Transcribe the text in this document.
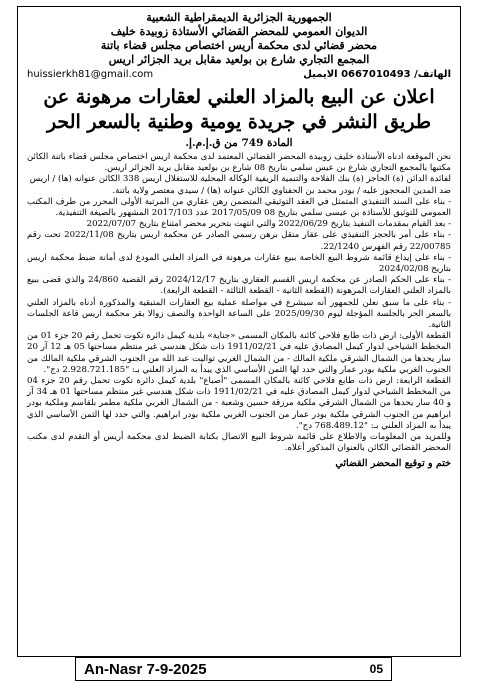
الجمهورية الجزائرية الديمقراطية الشعبية
الديوان العمومي للمحضر القضائي الأستاذة زوبيدة خليف
محضر قضائي لدى محكمة أريس اختصاص مجلس قضاء باتنة
المجمع التجاري شارع بن بولعيد مقابل بريد الجزائر اريس
huissierkh81@gmail.com	الهاتف/ 0667010493 الايميل
اعلان عن البيع بالمزاد العلني لعقارات مرهونة عن طريق النشر في جريدة يومية وطنية بالسعر الحر
المادة 749 من ق.إ.م.إ.

نحن الموقعة ادناه الأستاذة خليف زوبيدة المحضر القضائي المعتمد لدى محكمة اريس اختصاص مجلس قضاء باتنة الكائن مكتبها بالمجمع التجاري شارع بن عيس سلمي بتاريخ 08 شارع بن بولعيد مقابل بريد الجزائر اريس.

لفائدة الدائن (ة) الحاجز (ة) بنك الفلاحة والتنمية الريفية الوكالة المحلية للاستغلال اريس 338 الكائن عنوانه (ها) / اريس

ضد المدين المحجوز عليه / بودر محمد بن الحفناوي الكائن عنوانه (ها) / سيدي معتصر ولاية باتنة.

- بناء على السند التنفيذي المتمثل في العقد التوثيقي المتضمن رهن عقاري من المرتبة الأولى المحرر من طرف المكتب العمومي للتوثيق للأستاذة بن عيسى سلمي بتاريخ 08 2017/05/09 عدد 2017/103 المشهور بالصيغة التنفيذية.

- بعد القيام بمقدمات التنفيذ بتاريخ 2022/06/29 والتي انتهت بتحرير محضر امتناع بتاريخ 2022/07/07

- بناء على أمر بالحجز التنفيذي على عقار متقل برهن رسمي الصادر عن محكمة اريس بتاريخ 2022/11/08 تحت رقم 22/00785 رقم الفهرس 22/1240.

- بناء على إيداع قائمة شروط البيع الخاصة ببيع عقارات مرهونة في المزاد العلني المودع لدى أمانة ضبط محكمة اريس بتاريخ 2024/02/08

- بناء على الحكم الصادر عن محكمة اريس القسم العقاري بتاريخ 2024/12/17 رقم القضية 24/860 والذي قضى ببيع بالمزاد العلني العقارات المرهونة (القطعة الثانية - القطعة الثالثة - القطعة الرابعة).

- بناء على ما سبق نعلن للجمهور أنه سيشرع في مواصلة عملية بيع العقارات المتبقية والمذكورة أدناه بالمزاد العلني بالسعر الحر بالجلسة المؤجلة ليوم 2025/09/30 على الساعة الواحدة والنصف زوالا بقر محكمة اريس قاعة الجلسات الثانية.

القطعة الأولى: ارض ذات طابع فلاحي كائنة بالمكان المسمى «جناية» بلدية كيمل دائرة تكوت تحمل رقم 20 جزء 01 من المخطط الشياحي لدوار كيمل المصادق عليه في 1911/02/21 ذات شكل هندسي غير منتظم مساحتها 05 هـ 12 آر 20 سار يحدها من الشمال الشرقي ملكية المالك - من الشمال الغربي تواليت عبد الله من الجنوب الشرقي ملكية المالك من الجنوب الغربي ملكية بودر عمار والتي حدد لها الثمن الأساسي الذي يبدأ به المزاد العلني بـ: "2.928.721.185 دج".

القطعة الرابعة: ارض ذات طابع فلاحي كائنة بالمكان المسمى "أصباع" بلدية كيمل دائرة تكوت تحمل رقم 20 جزء 04 من المخطط الشياحي لدوار كيمل المصادق عليه في 1911/02/21 ذات شكل هندسي غير منتظم مساحتها 01 هـ 34 آر و 40 سار يحدها من الشمال الشرقي ملكية مرزقة حسين وشعبة - من الشمال الغربي ملكية مطمر بلقاسم وملكية بودر ابراهيم من الجنوب الشرقي ملكية بودر عمار من الجنوب الغربي ملكية بودر ابراهيم. والتي حدد لها الثمن الأساسي الذي يبدأ به المزاد العلني بـ: "768.489.12 دج".

وللمزيد من المعلومات والاطلاع على قائمة شروط البيع الاتصال بكتابة الضبط لدى محكمة أريس أو التقدم لدى مكتب المحضر القضائي الكائن بالعنوان المذكور أعلاه.

ختم و توقيع المحضر القضائي
An-Nasr 7-9-2025	05
